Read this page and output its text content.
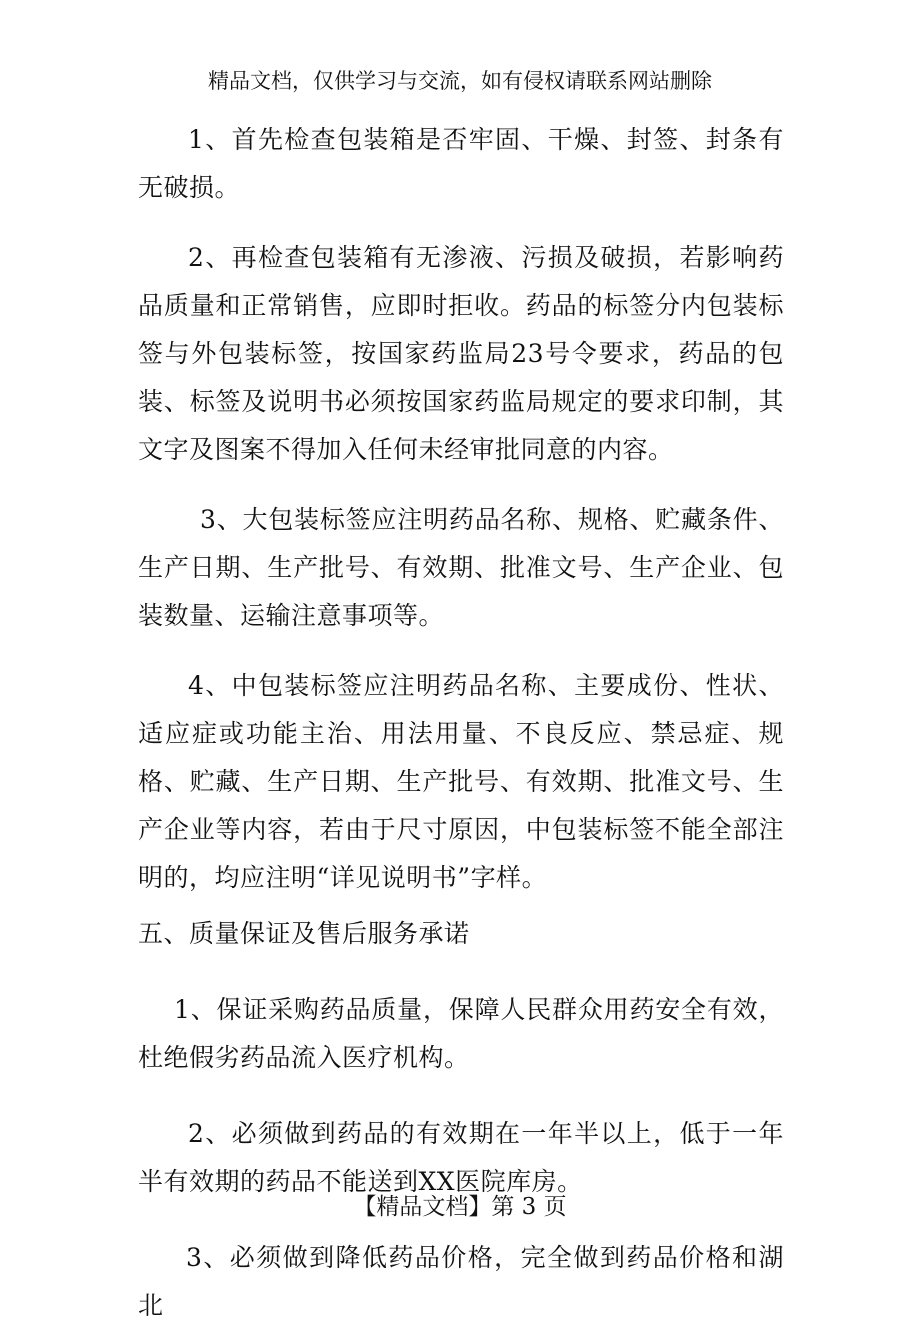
精品文档，仅供学习与交流，如有侵权请联系网站删除

1、首先检查包装箱是否牢固、干燥、封签、封条有无破损。

2、再检查包装箱有无渗液、污损及破损，若影响药品质量和正常销售，应即时拒收。药品的标签分内包装标签与外包装标签，按国家药监局23号令要求，药品的包装、标签及说明书必须按国家药监局规定的要求印制，其文字及图案不得加入任何未经审批同意的内容。

3、大包装标签应注明药品名称、规格、贮藏条件、生产日期、生产批号、有效期、批准文号、生产企业、包装数量、运输注意事项等。

4、中包装标签应注明药品名称、主要成份、性状、适应症或功能主治、用法用量、不良反应、禁忌症、规格、贮藏、生产日期、生产批号、有效期、批准文号、生产企业等内容，若由于尺寸原因，中包装标签不能全部注明的，均应注明“详见说明书”字样。

五、质量保证及售后服务承诺

1、保证采购药品质量，保障人民群众用药安全有效，杜绝假劣药品流入医疗机构。

2、必须做到药品的有效期在一年半以上，低于一年半有效期的药品不能送到XX医院库房。

3、必须做到降低药品价格，完全做到药品价格和湖北

【精品文档】第 3 页
